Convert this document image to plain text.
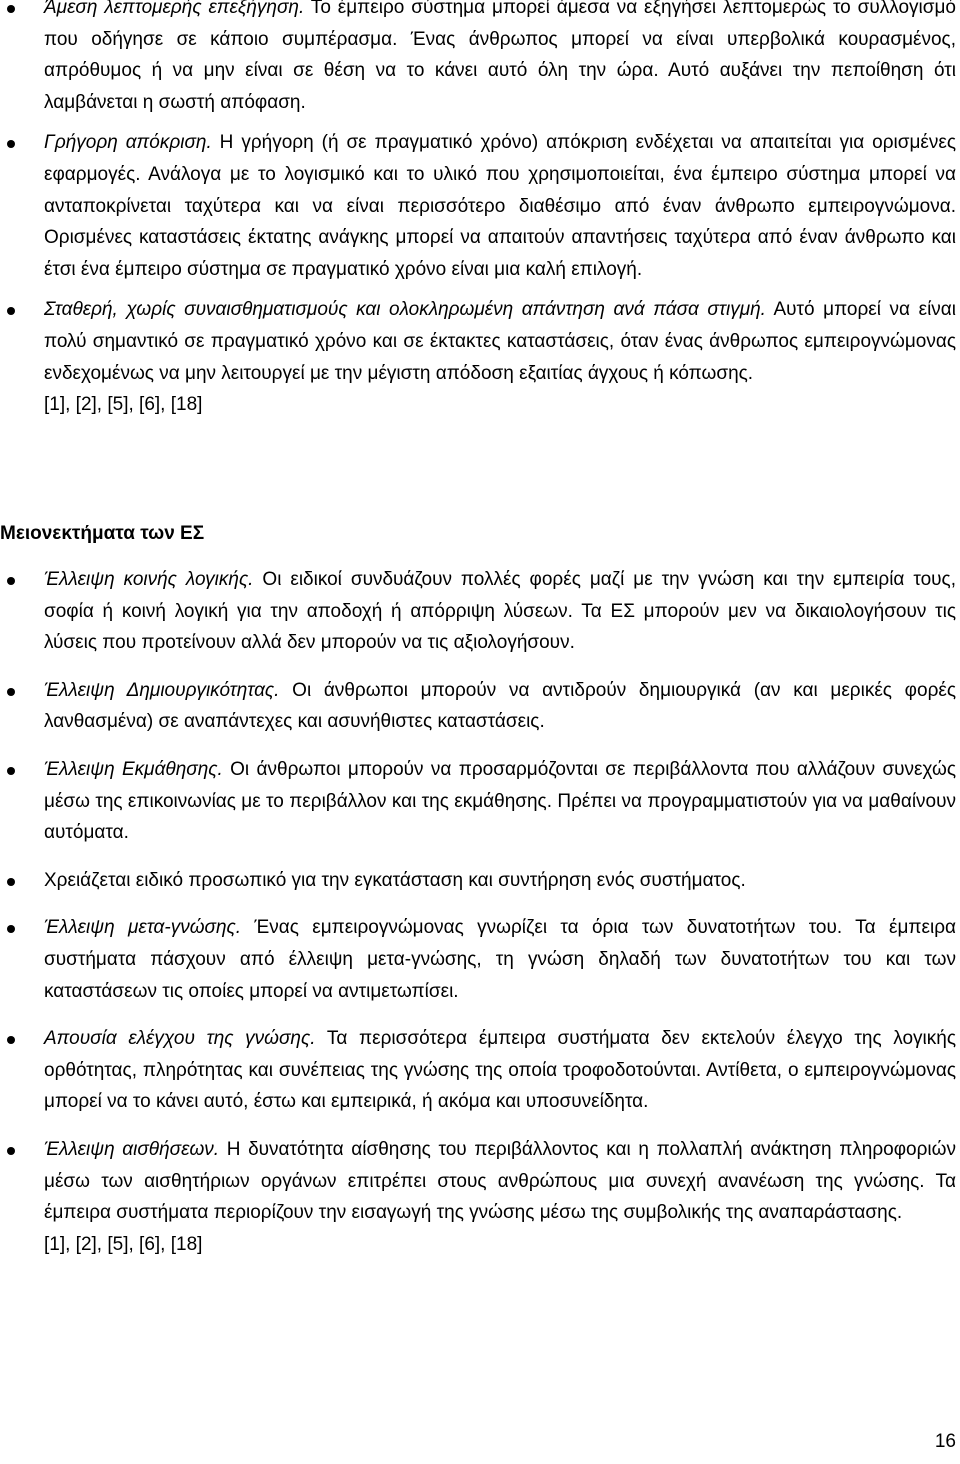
Άμεση λεπτομερής επεξήγηση. Το έμπειρο σύστημα μπορεί άμεσα να εξηγήσει λεπτομερώς το συλλογισμό που οδήγησε σε κάποιο συμπέρασμα. Ένας άνθρωπος μπορεί να είναι υπερβολικά κουρασμένος, απρόθυμος ή να μην είναι σε θέση να το κάνει αυτό όλη την ώρα. Αυτό αυξάνει την πεποίθηση ότι λαμβάνεται η σωστή απόφαση.
Γρήγορη απόκριση. Η γρήγορη (ή σε πραγματικό χρόνο) απόκριση ενδέχεται να απαιτείται για ορισμένες εφαρμογές. Ανάλογα με το λογισμικό και το υλικό που χρησιμοποιείται, ένα έμπειρο σύστημα μπορεί να ανταποκρίνεται ταχύτερα και να είναι περισσότερο διαθέσιμο από έναν άνθρωπο εμπειρογνώμονα. Ορισμένες καταστάσεις έκτατης ανάγκης μπορεί να απαιτούν απαντήσεις ταχύτερα από έναν άνθρωπο και έτσι ένα έμπειρο σύστημα σε πραγματικό χρόνο είναι μια καλή επιλογή.
Σταθερή, χωρίς συναισθηματισμούς και ολοκληρωμένη απάντηση ανά πάσα στιγμή. Αυτό μπορεί να είναι πολύ σημαντικό σε πραγματικό χρόνο και σε έκτακτες καταστάσεις, όταν ένας άνθρωπος εμπειρογνώμονας ενδεχομένως να μην λειτουργεί με την μέγιστη απόδοση εξαιτίας άγχους ή κόπωσης.
[1], [2], [5], [6], [18]
Μειονεκτήματα των ΕΣ
Έλλειψη κοινής λογικής. Οι ειδικοί συνδυάζουν πολλές φορές μαζί με την γνώση και την εμπειρία τους, σοφία ή κοινή λογική για την αποδοχή ή απόρριψη λύσεων. Τα ΕΣ μπορούν μεν να δικαιολογήσουν τις λύσεις που προτείνουν αλλά δεν μπορούν να τις αξιολογήσουν.
Έλλειψη Δημιουργικότητας. Οι άνθρωποι μπορούν να αντιδρούν δημιουργικά (αν και μερικές φορές λανθασμένα) σε αναπάντεχες και ασυνήθιστες καταστάσεις.
Έλλειψη Εκμάθησης. Οι άνθρωποι μπορούν να προσαρμόζονται σε περιβάλλοντα που αλλάζουν συνεχώς μέσω της επικοινωνίας με το περιβάλλον και της εκμάθησης. Πρέπει να προγραμματιστούν για να μαθαίνουν αυτόματα.
Χρειάζεται ειδικό προσωπικό για την εγκατάσταση και συντήρηση ενός συστήματος.
Έλλειψη μετα-γνώσης. Ένας εμπειρογνώμονας γνωρίζει τα όρια των δυνατοτήτων του. Τα έμπειρα συστήματα πάσχουν από έλλειψη μετα-γνώσης, τη γνώση δηλαδή των δυνατοτήτων του και των καταστάσεων τις οποίες μπορεί να αντιμετωπίσει.
Απουσία ελέγχου της γνώσης. Τα περισσότερα έμπειρα συστήματα δεν εκτελούν έλεγχο της λογικής ορθότητας, πληρότητας και συνέπειας της γνώσης της οποία τροφοδοτούνται. Αντίθετα, ο εμπειρογνώμονας μπορεί να το κάνει αυτό, έστω και εμπειρικά, ή ακόμα και υποσυνείδητα.
Έλλειψη αισθήσεων. Η δυνατότητα αίσθησης του περιβάλλοντος και η πολλαπλή ανάκτηση πληροφοριών μέσω των αισθητήριων οργάνων επιτρέπει στους ανθρώπους μια συνεχή ανανέωση της γνώσης. Τα έμπειρα συστήματα περιορίζουν την εισαγωγή της γνώσης μέσω της συμβολικής της αναπαράστασης.
[1], [2], [5], [6], [18]
16
